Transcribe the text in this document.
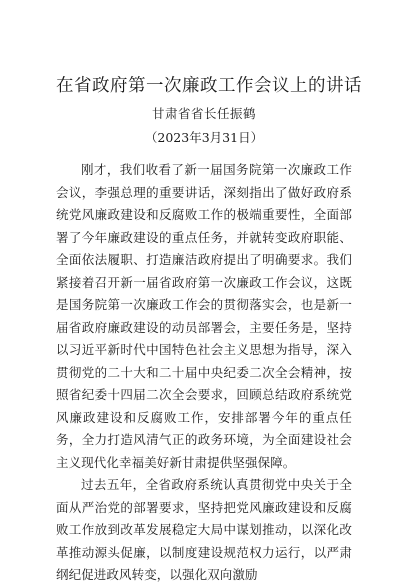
在省政府第一次廉政工作会议上的讲话
甘肃省省长任振鹤
（2023年3月31日）

刚才，我们收看了新一届国务院第一次廉政工作会议，李强总理的重要讲话，深刻指出了做好政府系统党风廉政建设和反腐败工作的极端重要性，全面部署了今年廉政建设的重点任务，并就转变政府职能、全面依法履职、打造廉洁政府提出了明确要求。我们紧接着召开新一届省政府第一次廉政工作会议，这既是国务院第一次廉政工作会的贯彻落实会，也是新一届省政府廉政建设的动员部署会，主要任务是，坚持以习近平新时代中国特色社会主义思想为指导，深入贯彻党的二十大和二十届中央纪委二次全会精神，按照省纪委十四届二次全会要求，回顾总结政府系统党风廉政建设和反腐败工作，安排部署今年的重点任务，全力打造风清气正的政务环境，为全面建设社会主义现代化幸福美好新甘肃提供坚强保障。

过去五年，全省政府系统认真贯彻党中央关于全面从严治党的部署要求，坚持把党风廉政建设和反腐败工作放到改革发展稳定大局中谋划推动，以深化改革推动源头促廉，以制度建设规范权力运行，以严肃纲纪促进政风转变，以强化双向激励
